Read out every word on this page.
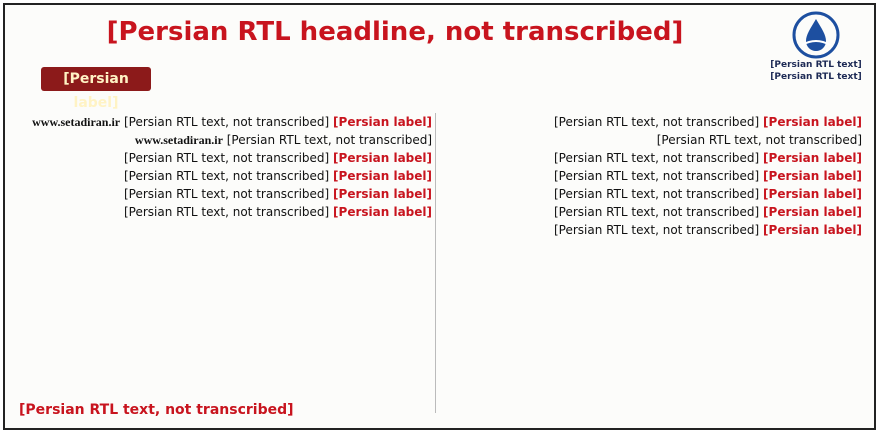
[Persian RTL headline, not transcribed]
[Persian RTL text]
[Persian RTL text]
[Persian label]
[Persian label] [Persian RTL text, not transcribed]
[Persian RTL text, not transcribed]
[Persian label] [Persian RTL text, not transcribed]
[Persian label] [Persian RTL text, not transcribed]
[Persian label] [Persian RTL text, not transcribed]
[Persian label] [Persian RTL text, not transcribed]
[Persian label] [Persian RTL text, not transcribed]
[Persian label] [Persian RTL text, not transcribed] www.setadiran.ir
[Persian RTL text, not transcribed] www.setadiran.ir
[Persian label] [Persian RTL text, not transcribed]
[Persian label] [Persian RTL text, not transcribed]
[Persian label] [Persian RTL text, not transcribed]
[Persian label] [Persian RTL text, not transcribed]
[Persian RTL text, not transcribed]
